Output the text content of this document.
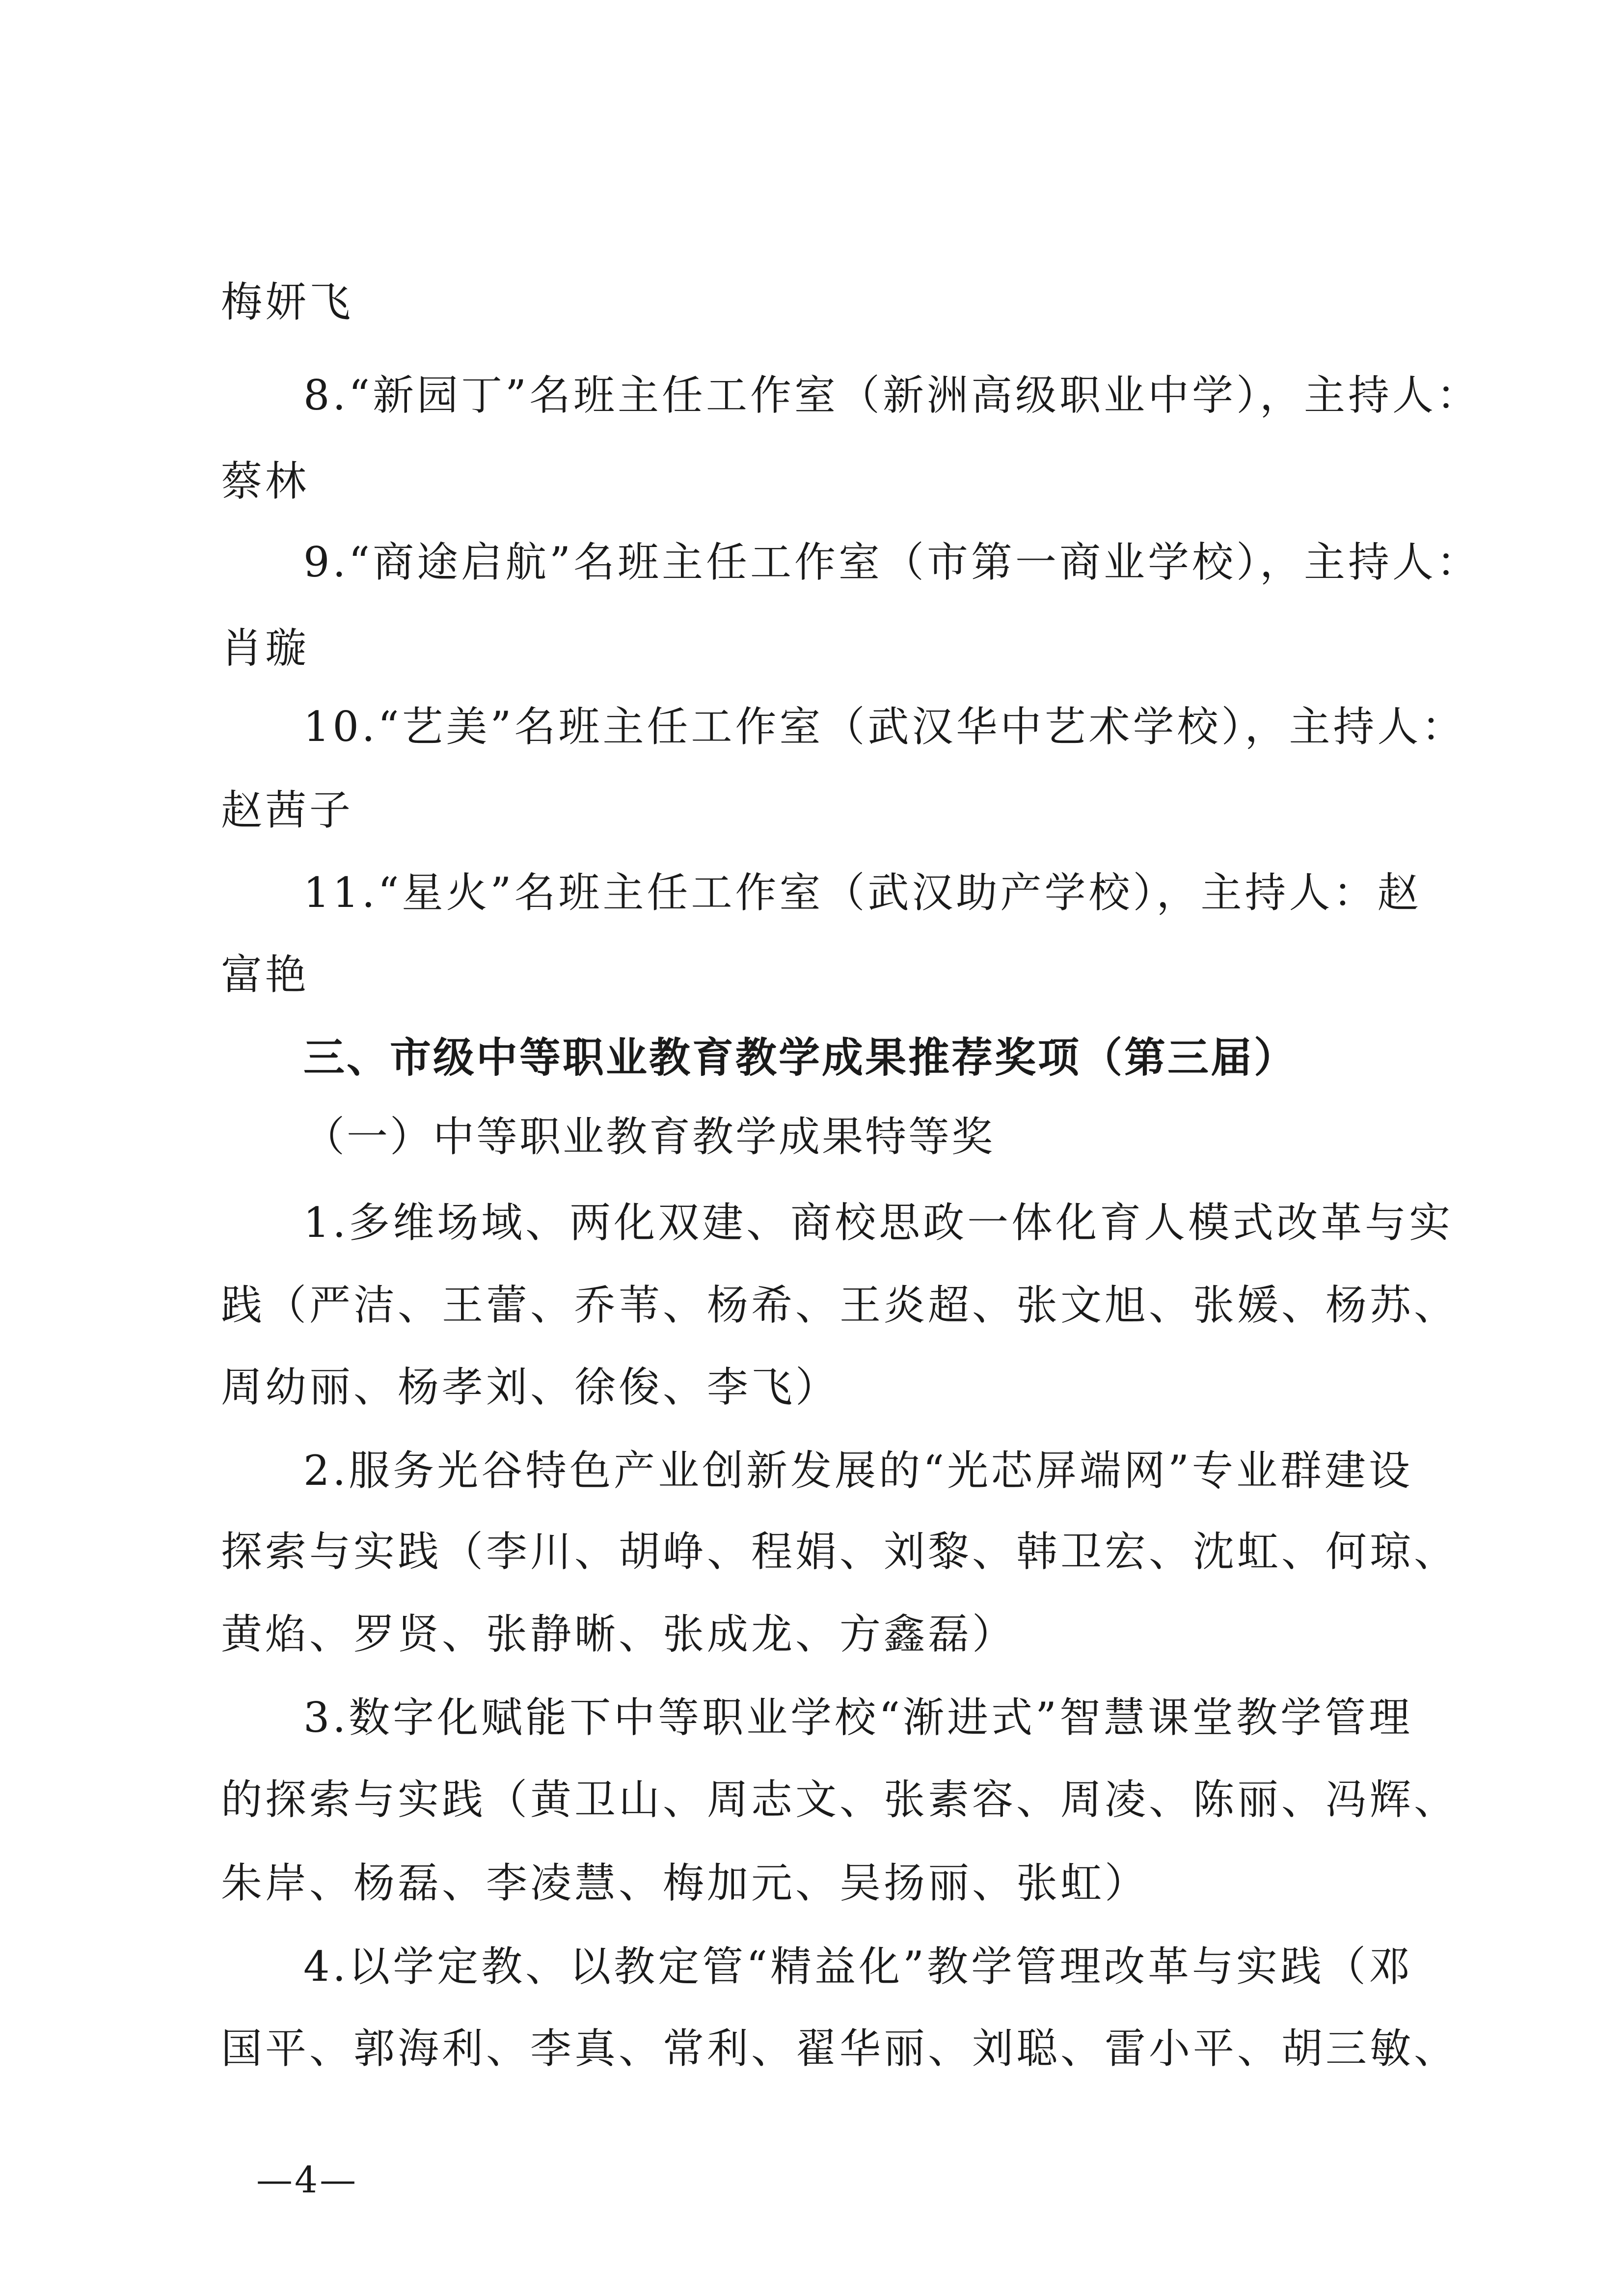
梅妍飞
8.“新园丁”名班主任工作室（新洲高级职业中学），主持人：
蔡林
9.“商途启航”名班主任工作室（市第一商业学校），主持人：
肖璇
10.“艺美”名班主任工作室（武汉华中艺术学校），主持人：
赵茜子
11.“星火”名班主任工作室（武汉助产学校），主持人：赵
富艳
三、市级中等职业教育教学成果推荐奖项（第三届）
（一）中等职业教育教学成果特等奖
1.多维场域、两化双建、商校思政一体化育人模式改革与实
践（严洁、王蕾、乔苇、杨希、王炎超、张文旭、张媛、杨苏、
周幼丽、杨孝刘、徐俊、李飞）
2.服务光谷特色产业创新发展的“光芯屏端网”专业群建设
探索与实践（李川、胡峥、程娟、刘黎、韩卫宏、沈虹、何琼、
黄焰、罗贤、张静晰、张成龙、方鑫磊）
3.数字化赋能下中等职业学校“渐进式”智慧课堂教学管理
的探索与实践（黄卫山、周志文、张素容、周凌、陈丽、冯辉、
朱岸、杨磊、李凌慧、梅加元、吴扬丽、张虹）
4.以学定教、以教定管“精益化”教学管理改革与实践（邓
国平、郭海利、李真、常利、翟华丽、刘聪、雷小平、胡三敏、
—4—
